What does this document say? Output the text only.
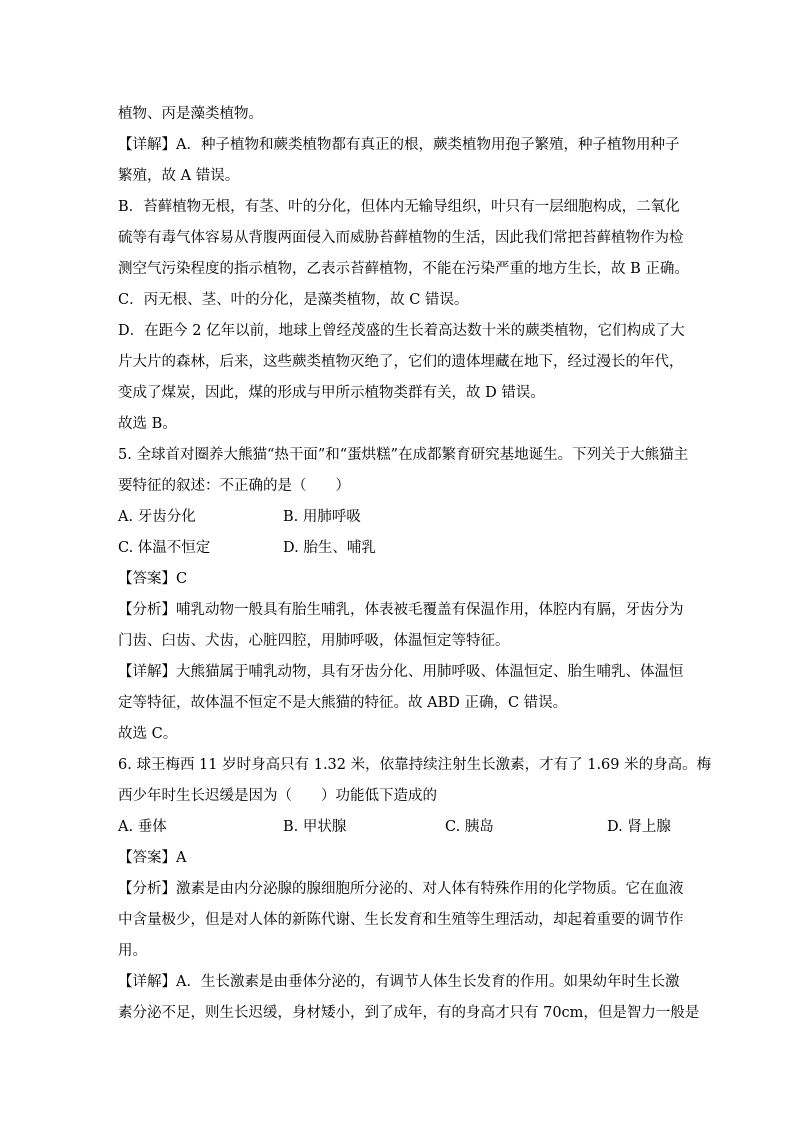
植物、丙是藻类植物。
【详解】A．种子植物和蕨类植物都有真正的根，蕨类植物用孢子繁殖，种子植物用种子
繁殖，故 A 错误。
B．苔藓植物无根，有茎、叶的分化，但体内无输导组织，叶只有一层细胞构成，二氧化
硫等有毒气体容易从背腹两面侵入而威胁苔藓植物的生活，因此我们常把苔藓植物作为检
测空气污染程度的指示植物，乙表示苔藓植物，不能在污染严重的地方生长，故 B 正确。
C．丙无根、茎、叶的分化，是藻类植物，故 C 错误。
D．在距今 2 亿年以前，地球上曾经茂盛的生长着高达数十米的蕨类植物，它们构成了大
片大片的森林，后来，这些蕨类植物灭绝了，它们的遗体埋藏在地下，经过漫长的年代，
变成了煤炭，因此，煤的形成与甲所示植物类群有关，故 D 错误。
故选 B。
5. 全球首对圈养大熊猫“热干面”和“蛋烘糕”在成都繁育研究基地诞生。下列关于大熊猫主
要特征的叙述：不正确的是（　　）
A. 牙齿分化	B. 用肺呼吸
C. 体温不恒定	D. 胎生、哺乳
【答案】C
【分析】哺乳动物一般具有胎生哺乳，体表被毛覆盖有保温作用，体腔内有膈，牙齿分为
门齿、臼齿、犬齿，心脏四腔，用肺呼吸，体温恒定等特征。
【详解】大熊猫属于哺乳动物，具有牙齿分化、用肺呼吸、体温恒定、胎生哺乳、体温恒
定等特征，故体温不恒定不是大熊猫的特征。故 ABD 正确，C 错误。
故选 C。
6. 球王梅西 11 岁时身高只有 1.32 米，依靠持续注射生长激素，才有了 1.69 米的身高。梅
西少年时生长迟缓是因为（　　）功能低下造成的
A. 垂体	B. 甲状腺	C. 胰岛	D. 肾上腺
【答案】A
【分析】激素是由内分泌腺的腺细胞所分泌的、对人体有特殊作用的化学物质。它在血液
中含量极少，但是对人体的新陈代谢、生长发育和生殖等生理活动，却起着重要的调节作
用。
【详解】A．生长激素是由垂体分泌的，有调节人体生长发育的作用。如果幼年时生长激
素分泌不足，则生长迟缓，身材矮小，到了成年，有的身高才只有 70cm，但是智力一般是
